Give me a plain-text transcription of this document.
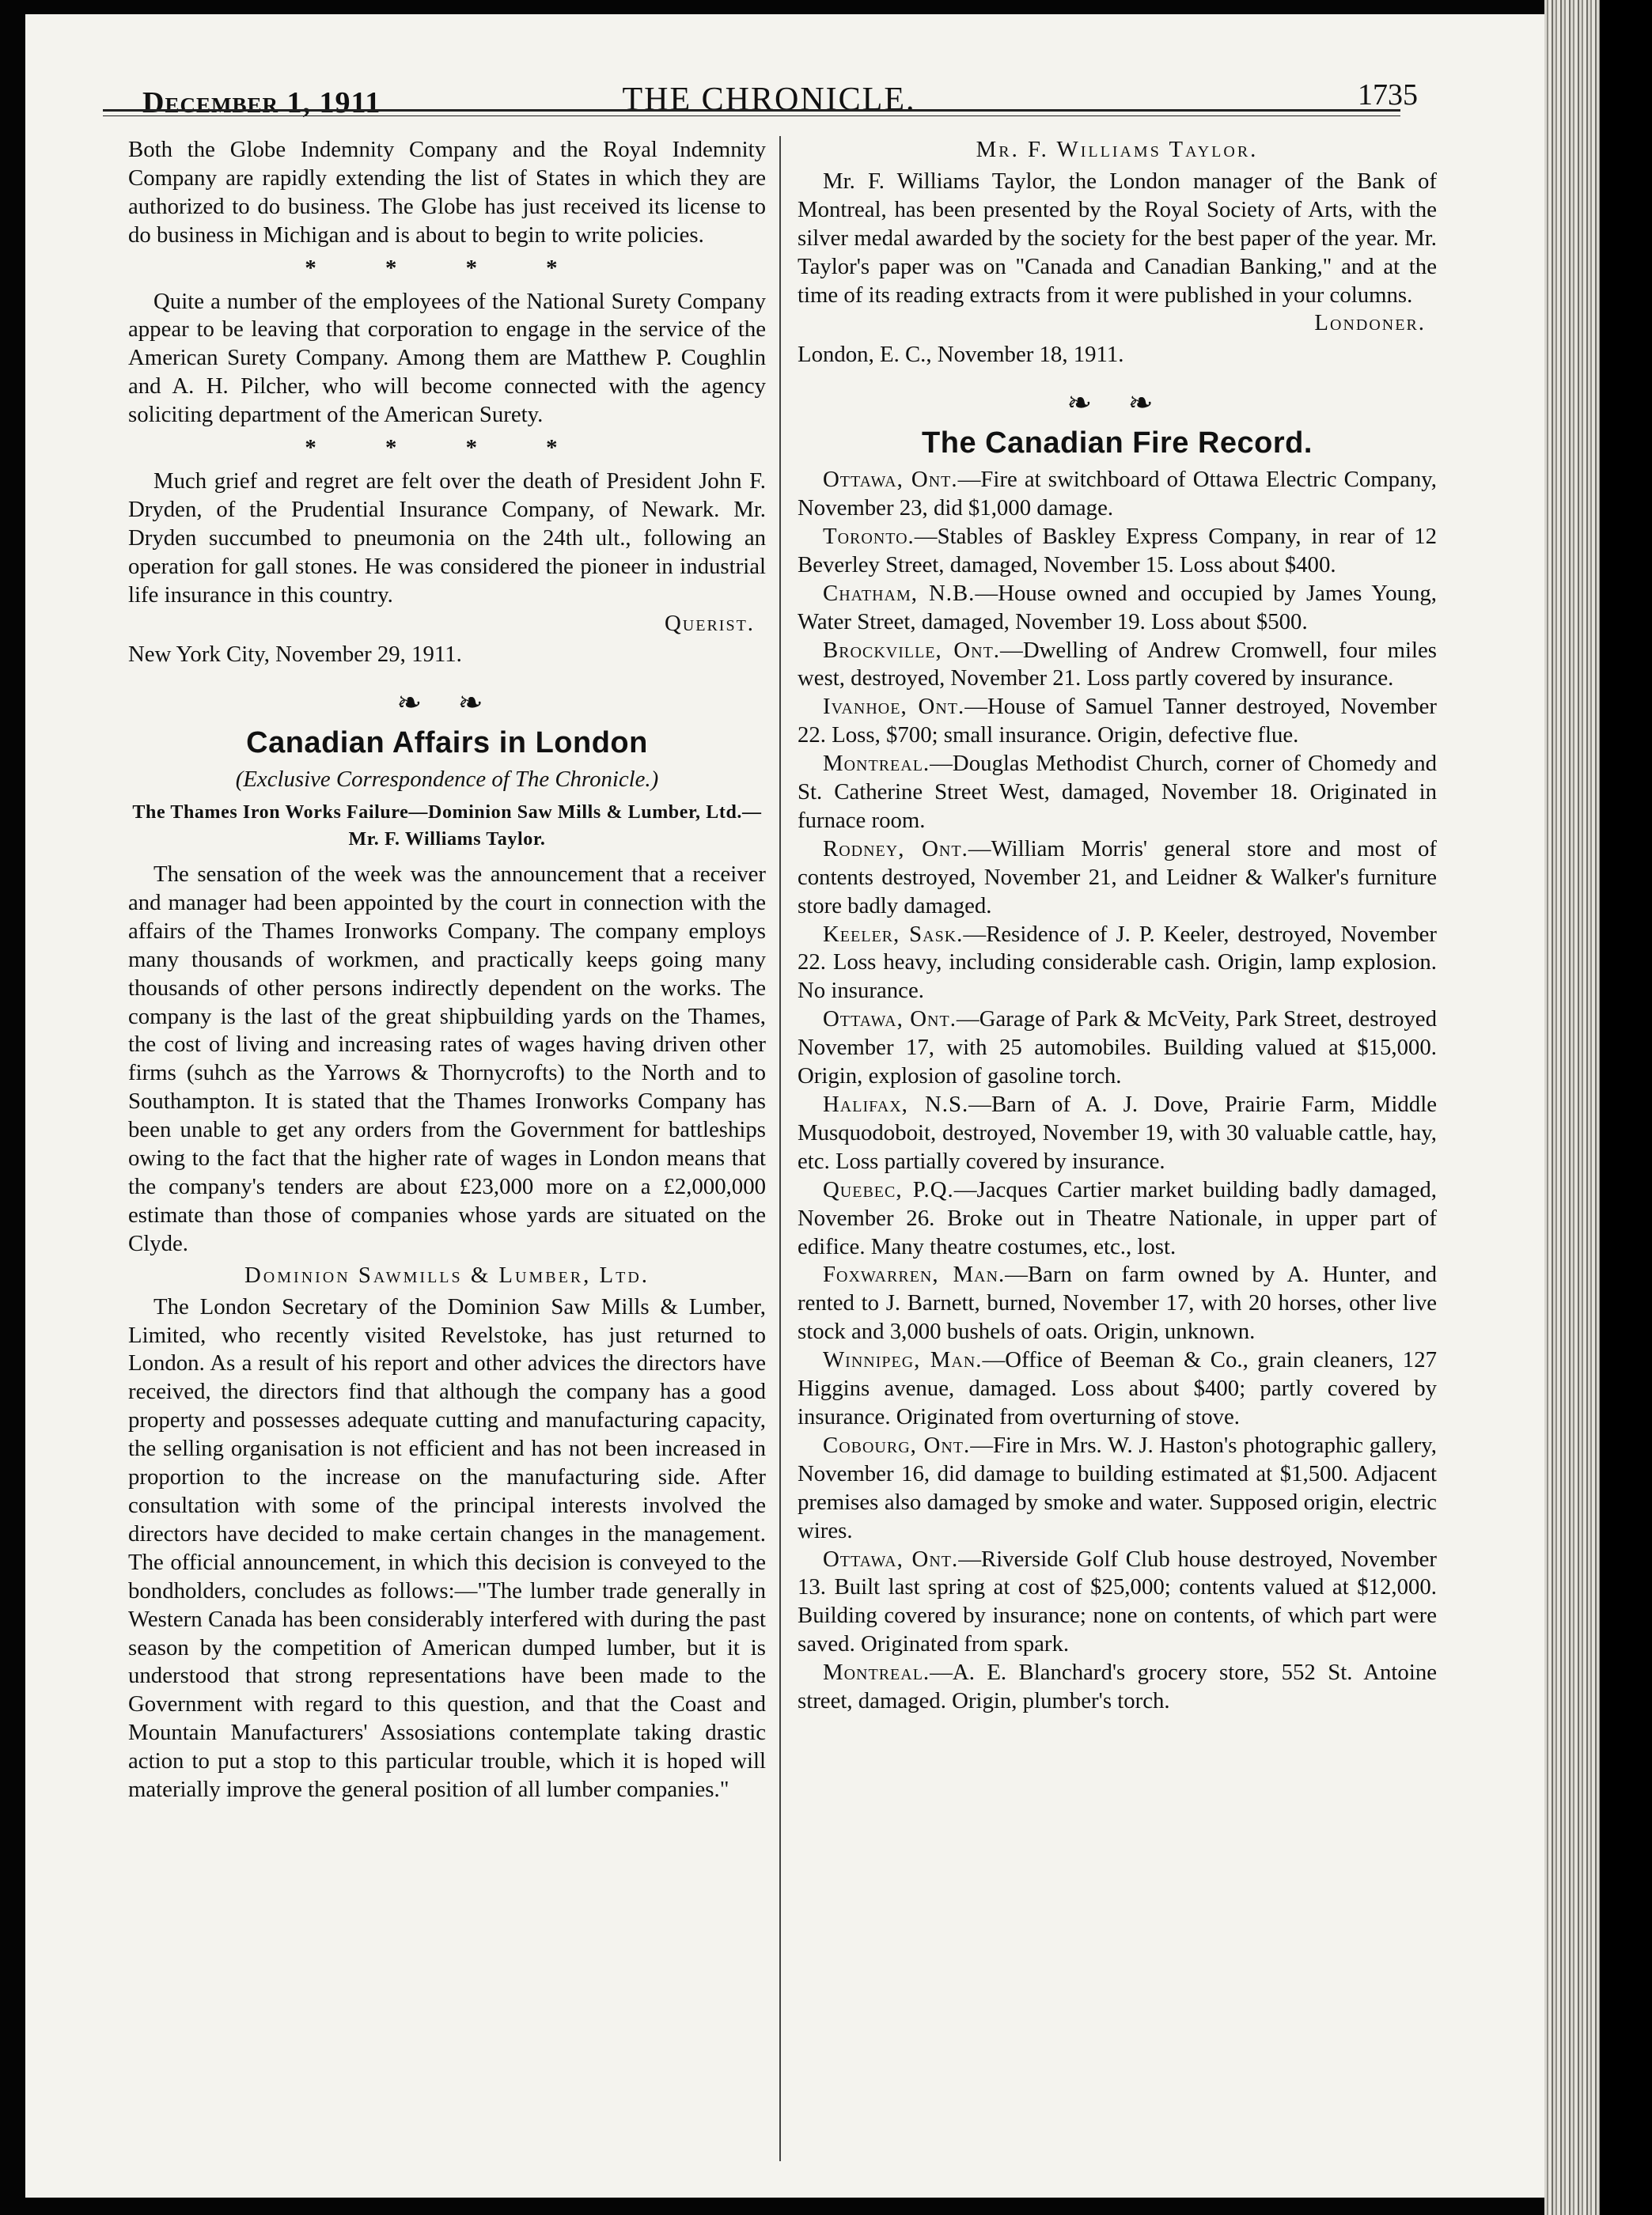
December 1, 1911	THE CHRONICLE.	1735

Both the Globe Indemnity Company and the Royal Indemnity Company are rapidly extending the list of States in which they are authorized to do business. The Globe has just received its license to do business in Michigan and is about to begin to write policies.

* * * *

Quite a number of the employees of the National Surety Company appear to be leaving that corporation to engage in the service of the American Surety Company. Among them are Matthew P. Coughlin and A. H. Pilcher, who will become connected with the agency soliciting department of the American Surety.

* * * *

Much grief and regret are felt over the death of President John F. Dryden, of the Prudential Insurance Company, of Newark. Mr. Dryden succumbed to pneumonia on the 24th ult., following an operation for gall stones. He was considered the pioneer in industrial life insurance in this country.

Querist.

New York City, November 29, 1911.

❧ ❧
Canadian Affairs in London
(Exclusive Correspondence of The Chronicle.)
The Thames Iron Works Failure—Dominion Saw Mills & Lumber, Ltd.—Mr. F. Williams Taylor.

The sensation of the week was the announcement that a receiver and manager had been appointed by the court in connection with the affairs of the Thames Ironworks Company. The company employs many thousands of workmen, and practically keeps going many thousands of other persons indirectly dependent on the works. The company is the last of the great shipbuilding yards on the Thames, the cost of living and increasing rates of wages having driven other firms (suhch as the Yarrows & Thornycrofts) to the North and to Southampton. It is stated that the Thames Ironworks Company has been unable to get any orders from the Government for battleships owing to the fact that the higher rate of wages in London means that the company's tenders are about £23,000 more on a £2,000,000 estimate than those of companies whose yards are situated on the Clyde.

Dominion Sawmills & Lumber, Ltd.

The London Secretary of the Dominion Saw Mills & Lumber, Limited, who recently visited Revelstoke, has just returned to London. As a result of his report and other advices the directors have received, the directors find that although the company has a good property and possesses adequate cutting and manufacturing capacity, the selling organisation is not efficient and has not been increased in proportion to the increase on the manufacturing side. After consultation with some of the principal interests involved the directors have decided to make certain changes in the management. The official announcement, in which this decision is conveyed to the bondholders, concludes as follows:—"The lumber trade generally in Western Canada has been considerably interfered with during the past season by the competition of American dumped lumber, but it is understood that strong representations have been made to the Government with regard to this question, and that the Coast and Mountain Manufacturers' Assosiations contemplate taking drastic action to put a stop to this particular trouble, which it is hoped will materially improve the general position of all lumber companies."

Mr. F. Williams Taylor.

Mr. F. Williams Taylor, the London manager of the Bank of Montreal, has been presented by the Royal Society of Arts, with the silver medal awarded by the society for the best paper of the year. Mr. Taylor's paper was on "Canada and Canadian Banking," and at the time of its reading extracts from it were published in your columns.

Londoner.

London, E. C., November 18, 1911.

❧ ❧
The Canadian Fire Record.

Ottawa, Ont.—Fire at switchboard of Ottawa Electric Company, November 23, did $1,000 damage.

Toronto.—Stables of Baskley Express Company, in rear of 12 Beverley Street, damaged, November 15. Loss about $400.

Chatham, N.B.—House owned and occupied by James Young, Water Street, damaged, November 19. Loss about $500.

Brockville, Ont.—Dwelling of Andrew Cromwell, four miles west, destroyed, November 21. Loss partly covered by insurance.

Ivanhoe, Ont.—House of Samuel Tanner destroyed, November 22. Loss, $700; small insurance. Origin, defective flue.

Montreal.—Douglas Methodist Church, corner of Chomedy and St. Catherine Street West, damaged, November 18. Originated in furnace room.

Rodney, Ont.—William Morris' general store and most of contents destroyed, November 21, and Leidner & Walker's furniture store badly damaged.

Keeler, Sask.—Residence of J. P. Keeler, destroyed, November 22. Loss heavy, including considerable cash. Origin, lamp explosion. No insurance.

Ottawa, Ont.—Garage of Park & McVeity, Park Street, destroyed November 17, with 25 automobiles. Building valued at $15,000. Origin, explosion of gasoline torch.

Halifax, N.S.—Barn of A. J. Dove, Prairie Farm, Middle Musquodoboit, destroyed, November 19, with 30 valuable cattle, hay, etc. Loss partially covered by insurance.

Quebec, P.Q.—Jacques Cartier market building badly damaged, November 26. Broke out in Theatre Nationale, in upper part of edifice. Many theatre costumes, etc., lost.

Foxwarren, Man.—Barn on farm owned by A. Hunter, and rented to J. Barnett, burned, November 17, with 20 horses, other live stock and 3,000 bushels of oats. Origin, unknown.

Winnipeg, Man.—Office of Beeman & Co., grain cleaners, 127 Higgins avenue, damaged. Loss about $400; partly covered by insurance. Originated from overturning of stove.

Cobourg, Ont.—Fire in Mrs. W. J. Haston's photographic gallery, November 16, did damage to building estimated at $1,500. Adjacent premises also damaged by smoke and water. Supposed origin, electric wires.

Ottawa, Ont.—Riverside Golf Club house destroyed, November 13. Built last spring at cost of $25,000; contents valued at $12,000. Building covered by insurance; none on contents, of which part were saved. Originated from spark.

Montreal.—A. E. Blanchard's grocery store, 552 St. Antoine street, damaged. Origin, plumber's torch.
